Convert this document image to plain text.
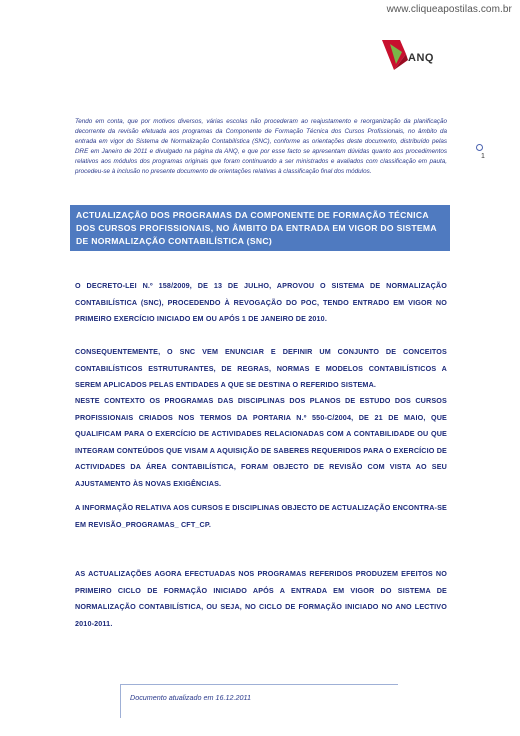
www.cliqueapostilas.com.br
ANQ
Tendo em conta, que por motivos diversos, várias escolas não procederam ao reajustamento e reorganização da planificação decorrente da revisão efetuada aos programas da Componente de Formação Técnica dos Cursos Profissionais, no âmbito da entrada em vigor do Sistema de Normalização Contabilística (SNC), conforme as orientações deste documento, distribuído pelas DRE em Janeiro de 2011 e divulgado na página da ANQ, e que por esse facto se apresentam dúvidas quanto aos procedimentos relativos aos módulos dos programas originais que foram continuando a ser ministrados e avaliados com classificação em pauta, procedeu-se à inclusão no presente documento de orientações relativas à classificação final dos módulos.
1
ACTUALIZAÇÃO DOS PROGRAMAS DA COMPONENTE DE FORMAÇÃO TÉCNICA
DOS CURSOS PROFISSIONAIS, NO ÂMBITO DA ENTRADA EM VIGOR DO SISTEMA
DE NORMALIZAÇÃO CONTABILÍSTICA (SNC)
O DECRETO-LEI N.º 158/2009, DE 13 DE JULHO, APROVOU O SISTEMA DE NORMALIZAÇÃO CONTABILÍSTICA (SNC), PROCEDENDO À REVOGAÇÃO DO POC, TENDO ENTRADO EM VIGOR NO PRIMEIRO EXERCÍCIO INICIADO EM OU APÓS 1 DE JANEIRO DE 2010.
CONSEQUENTEMENTE, O SNC VEM ENUNCIAR E DEFINIR UM CONJUNTO DE CONCEITOS CONTABILÍSTICOS ESTRUTURANTES, DE REGRAS, NORMAS E MODELOS CONTABILÍSTICOS A SEREM APLICADOS PELAS ENTIDADES A QUE SE DESTINA O REFERIDO SISTEMA.
NESTE CONTEXTO OS PROGRAMAS DAS DISCIPLINAS DOS PLANOS DE ESTUDO DOS CURSOS PROFISSIONAIS CRIADOS NOS TERMOS DA PORTARIA N.º 550-C/2004, DE 21 DE MAIO, QUE QUALIFICAM PARA O EXERCÍCIO DE ACTIVIDADES RELACIONADAS COM A CONTABILIDADE OU QUE INTEGRAM CONTEÚDOS QUE VISAM A AQUISIÇÃO DE SABERES REQUERIDOS PARA O EXERCÍCIO DE ACTIVIDADES DA ÁREA CONTABILÍSTICA, FORAM OBJECTO DE REVISÃO COM VISTA AO SEU AJUSTAMENTO ÀS NOVAS EXIGÊNCIAS.
A INFORMAÇÃO RELATIVA AOS CURSOS E DISCIPLINAS OBJECTO DE ACTUALIZAÇÃO ENCONTRA-SE EM REVISÃO_PROGRAMAS_ CFT_CP.
AS ACTUALIZAÇÕES AGORA EFECTUADAS NOS PROGRAMAS REFERIDOS PRODUZEM EFEITOS NO PRIMEIRO CICLO DE FORMAÇÃO INICIADO APÓS A ENTRADA EM VIGOR DO SISTEMA DE NORMALIZAÇÃO CONTABILÍSTICA, OU SEJA, NO CICLO DE FORMAÇÃO INICIADO NO ANO LECTIVO 2010-2011.
Documento atualizado em 16.12.2011
